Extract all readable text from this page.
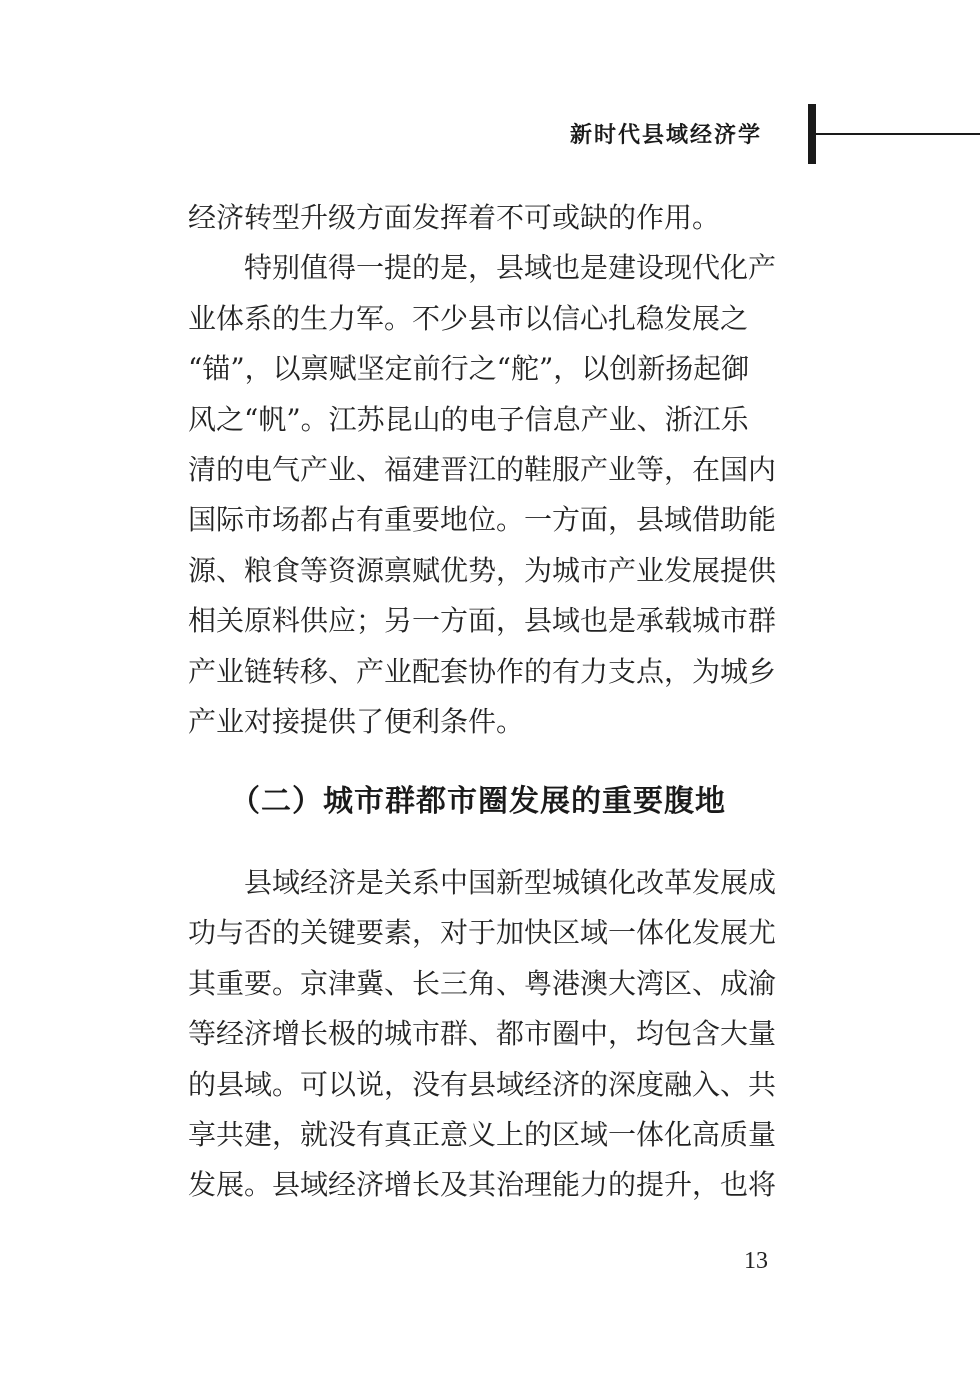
新时代县域经济学
经济转型升级方面发挥着不可或缺的作用。
　　特别值得一提的是，县域也是建设现代化产
业体系的生力军。不少县市以信心扎稳发展之
“锚”，以禀赋坚定前行之“舵”，以创新扬起御
风之“帆”。江苏昆山的电子信息产业、浙江乐
清的电气产业、福建晋江的鞋服产业等，在国内
国际市场都占有重要地位。一方面，县域借助能
源、粮食等资源禀赋优势，为城市产业发展提供
相关原料供应；另一方面，县域也是承载城市群
产业链转移、产业配套协作的有力支点，为城乡
产业对接提供了便利条件。
（二）城市群都市圈发展的重要腹地
　　县域经济是关系中国新型城镇化改革发展成
功与否的关键要素，对于加快区域一体化发展尤
其重要。京津冀、长三角、粤港澳大湾区、成渝
等经济增长极的城市群、都市圈中，均包含大量
的县域。可以说，没有县域经济的深度融入、共
享共建，就没有真正意义上的区域一体化高质量
发展。县域经济增长及其治理能力的提升，也将
13
